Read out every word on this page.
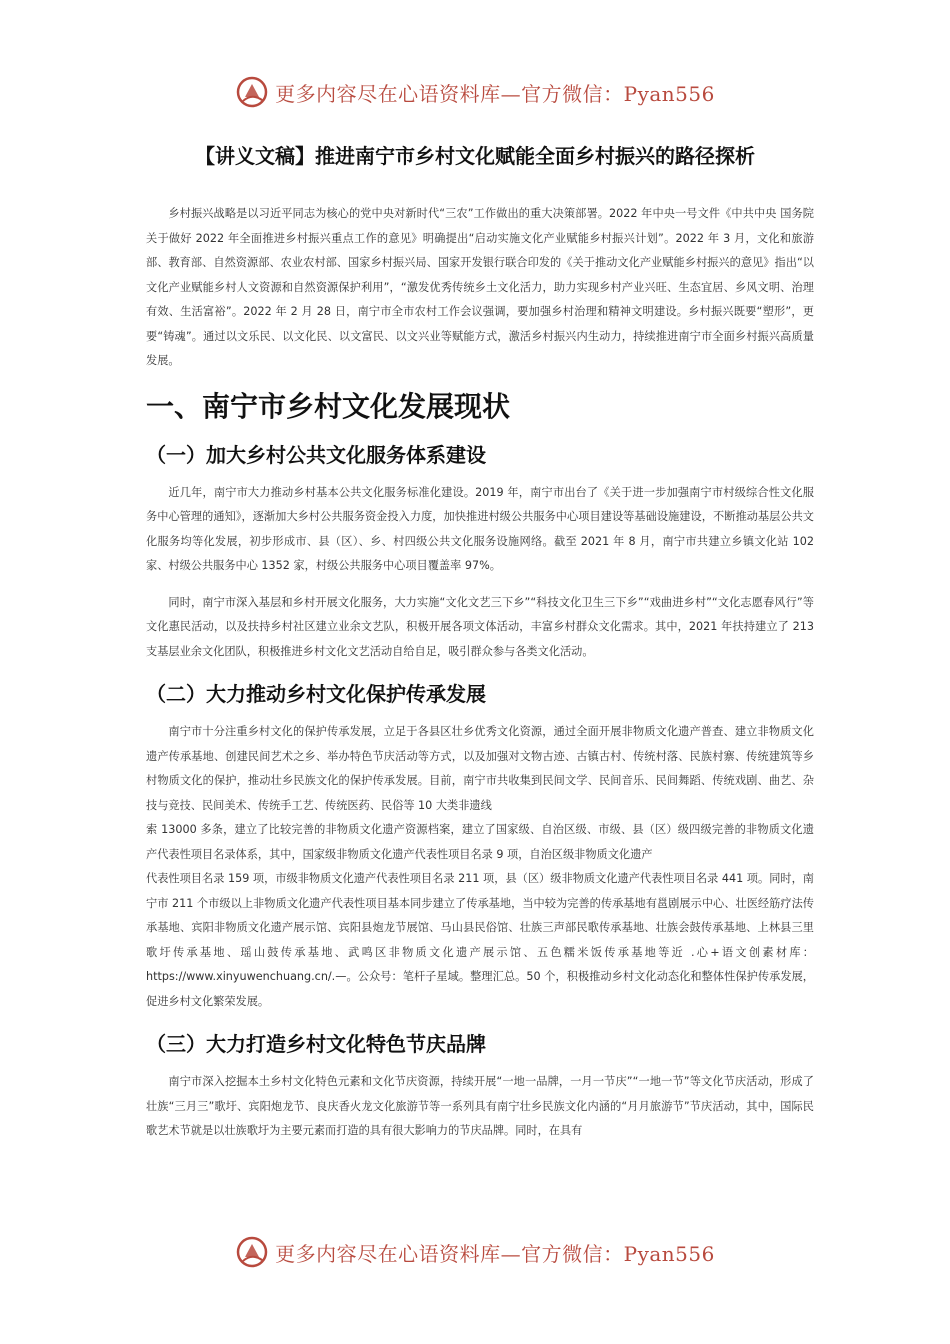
更多内容尽在心语资料库—官方微信：Pyan556
【讲义文稿】推进南宁市乡村文化赋能全面乡村振兴的路径探析

乡村振兴战略是以习近平同志为核心的党中央对新时代“三农”工作做出的重大决策部署。2022 年中央一号文件《中共中央 国务院关于做好 2022 年全面推进乡村振兴重点工作的意见》明确提出“启动实施文化产业赋能乡村振兴计划”。2022 年 3 月，文化和旅游部、教育部、自然资源部、农业农村部、国家乡村振兴局、国家开发银行联合印发的《关于推动文化产业赋能乡村振兴的意见》指出“以文化产业赋能乡村人文资源和自然资源保护利用”，“激发优秀传统乡土文化活力，助力实现乡村产业兴旺、生态宜居、乡风文明、治理有效、生活富裕”。2022 年 2 月 28 日，南宁市全市农村工作会议强调，要加强乡村治理和精神文明建设。乡村振兴既要“塑形”，更要“铸魂”。通过以文乐民、以文化民、以文富民、以文兴业等赋能方式，激活乡村振兴内生动力，持续推进南宁市全面乡村振兴高质量发展。

一、南宁市乡村文化发展现状
（一）加大乡村公共文化服务体系建设

近几年，南宁市大力推动乡村基本公共文化服务标准化建设。2019 年，南宁市出台了《关于进一步加强南宁市村级综合性文化服务中心管理的通知》，逐渐加大乡村公共服务资金投入力度，加快推进村级公共服务中心项目建设等基础设施建设，不断推动基层公共文化服务均等化发展，初步形成市、县（区）、乡、村四级公共文化服务设施网络。截至 2021 年 8 月，南宁市共建立乡镇文化站 102 家、村级公共服务中心 1352 家，村级公共服务中心项目覆盖率 97%。

同时，南宁市深入基层和乡村开展文化服务，大力实施“文化文艺三下乡”“科技文化卫生三下乡”“戏曲进乡村”“文化志愿春风行”等文化惠民活动，以及扶持乡村社区建立业余文艺队，积极开展各项文体活动，丰富乡村群众文化需求。其中，2021 年扶持建立了 213 支基层业余文化团队，积极推进乡村文化文艺活动自给自足，吸引群众参与各类文化活动。

（二）大力推动乡村文化保护传承发展

南宁市十分注重乡村文化的保护传承发展，立足于各县区壮乡优秀文化资源，通过全面开展非物质文化遗产普查、建立非物质文化遗产传承基地、创建民间艺术之乡、举办特色节庆活动等方式，以及加强对文物古迹、古镇古村、传统村落、民族村寨、传统建筑等乡村物质文化的保护，推动壮乡民族文化的保护传承发展。目前，南宁市共收集到民间文学、民间音乐、民间舞蹈、传统戏剧、曲艺、杂技与竞技、民间美术、传统手工艺、传统医药、民俗等 10 大类非遗线

索 13000 多条，建立了比较完善的非物质文化遗产资源档案，建立了国家级、自治区级、市级、县（区）级四级完善的非物质文化遗产代表性项目名录体系，其中，国家级非物质文化遗产代表性项目名录 9 项，自治区级非物质文化遗产

代表性项目名录 159 项，市级非物质文化遗产代表性项目名录 211 项，县（区）级非物质文化遗产代表性项目名录 441 项。同时，南宁市 211 个市级以上非物质文化遗产代表性项目基本同步建立了传承基地，当中较为完善的传承基地有邕剧展示中心、壮医经筋疗法传承基地、宾阳非物质文化遗产展示馆、宾阳县炮龙节展馆、马山县民俗馆、壮族三声部民歌传承基地、壮族会鼓传承基地、上林县三里歌圩传承基地、瑶山鼓传承基地、武鸣区非物质文化遗产展示馆、五色糯米饭传承基地等近 .心+语文创素材库：https://www.xinyuwenchuang.cn/.—。公众号：笔杆子星域。整理汇总。50 个，积极推动乡村文化动态化和整体性保护传承发展，促进乡村文化繁荣发展。

（三）大力打造乡村文化特色节庆品牌

南宁市深入挖掘本土乡村文化特色元素和文化节庆资源，持续开展“一地一品牌，一月一节庆”“一地一节”等文化节庆活动，形成了壮族“三月三”歌圩、宾阳炮龙节、良庆香火龙文化旅游节等一系列具有南宁壮乡民族文化内涵的“月月旅游节”节庆活动，其中，国际民歌艺术节就是以壮族歌圩为主要元素而打造的具有很大影响力的节庆品牌。同时，在具有

更多内容尽在心语资料库—官方微信：Pyan556
